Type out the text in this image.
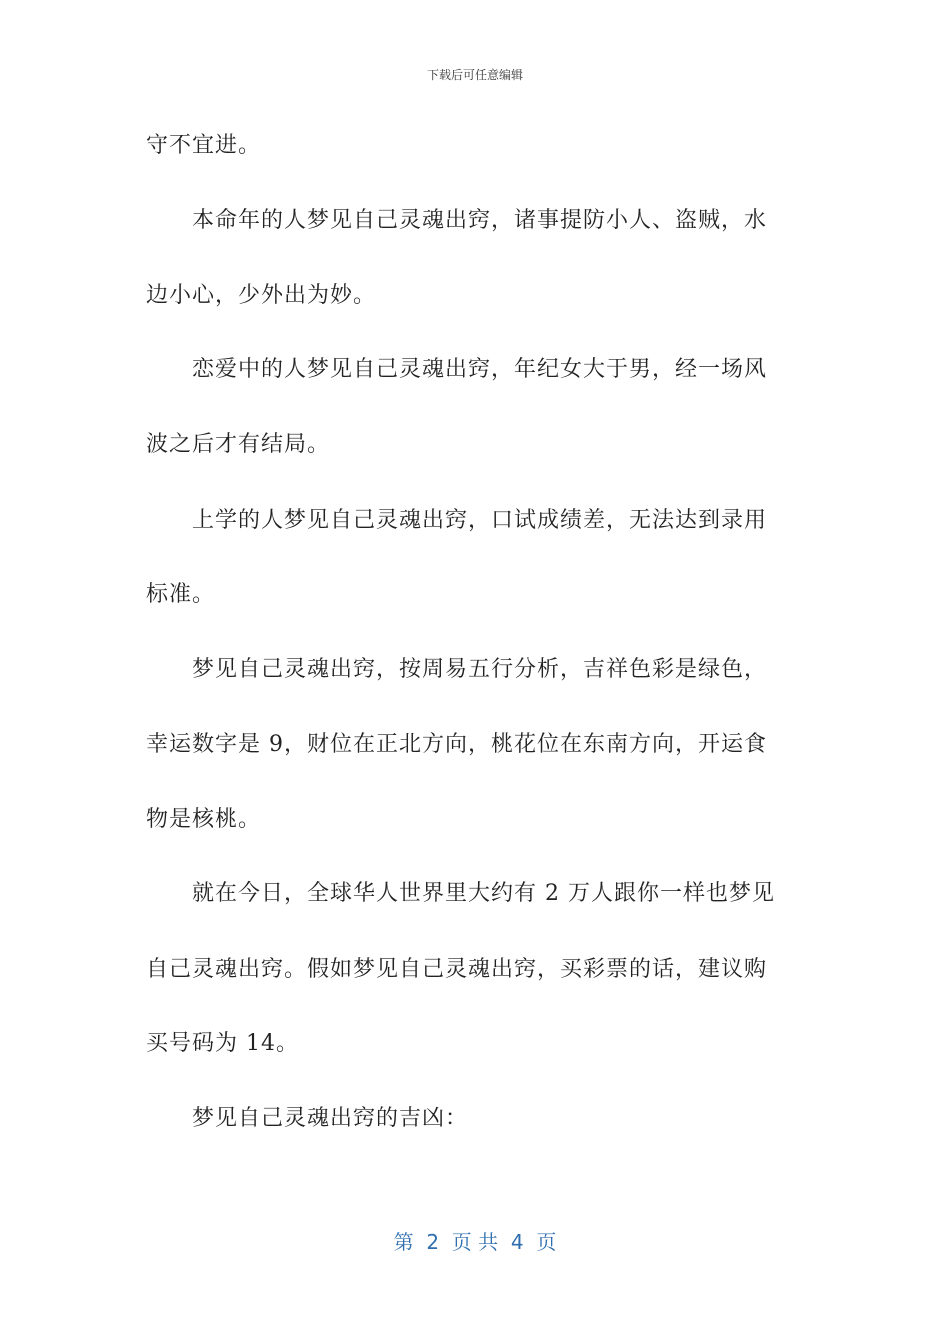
下载后可任意编辑
守不宜进。
　　本命年的人梦见自己灵魂出窍，诸事提防小人、盗贼，水
边小心，少外出为妙。
　　恋爱中的人梦见自己灵魂出窍，年纪女大于男，经一场风
波之后才有结局。
　　上学的人梦见自己灵魂出窍，口试成绩差，无法达到录用
标准。
　　梦见自己灵魂出窍，按周易五行分析，吉祥色彩是绿色，
幸运数字是 9，财位在正北方向，桃花位在东南方向，开运食
物是核桃。
　　就在今日，全球华人世界里大约有 2 万人跟你一样也梦见
自己灵魂出窍。假如梦见自己灵魂出窍，买彩票的话，建议购
买号码为 14。
　　梦见自己灵魂出窍的吉凶：
第  2  页 共  4  页
